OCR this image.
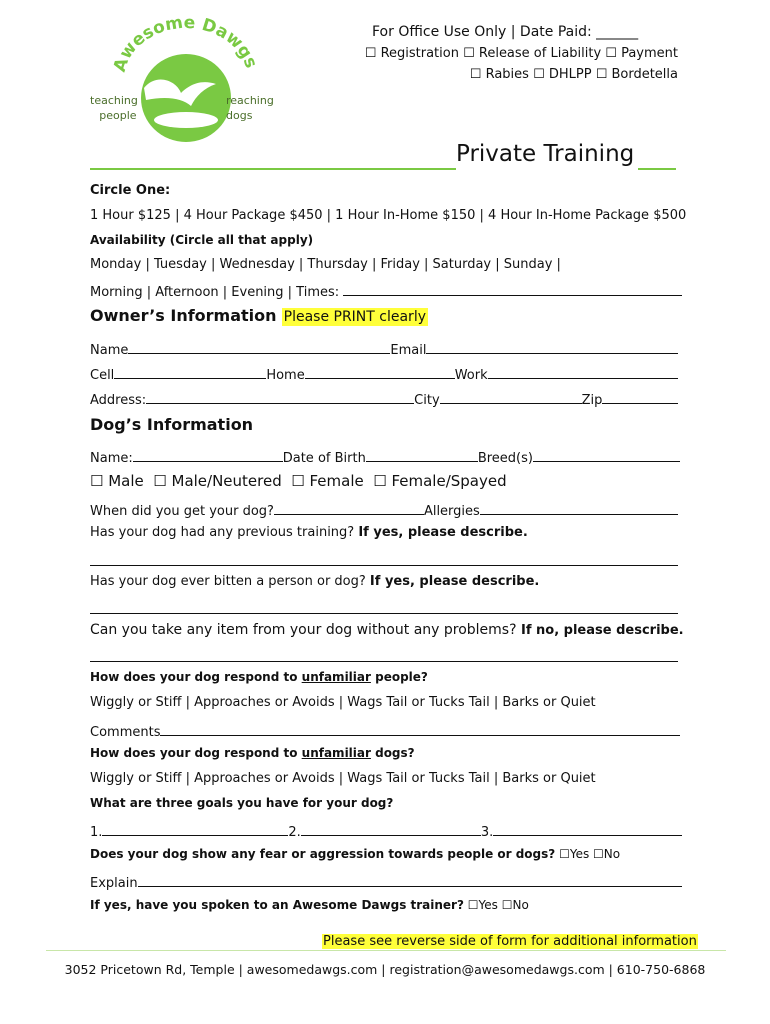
Awesome Dawgs
teaching
people
reaching
dogs
For Office Use Only | Date Paid: ______
☐ Registration ☐ Release of Liability ☐ Payment
☐ Rabies ☐ DHLPP ☐ Bordetella
Private Training
Circle One:
1 Hour $125 | 4 Hour Package $450 | 1 Hour In-Home $150 | 4 Hour In-Home Package $500
Availability (Circle all that apply)
Monday | Tuesday | Wednesday | Thursday | Friday | Saturday | Sunday |
Morning | Afternoon | Evening | Times:
Owner’s Information Please PRINT clearly
Name	Email
Cell	Home	Work
Address:	City	Zip
Dog’s Information
Name:	Date of Birth	Breed(s)
☐ Male  ☐ Male/Neutered  ☐ Female  ☐ Female/Spayed
When did you get your dog?	Allergies
Has your dog had any previous training? If yes, please describe.
Has your dog ever bitten a person or dog? If yes, please describe.
Can you take any item from your dog without any problems? If no, please describe.
How does your dog respond to unfamiliar people?
Wiggly or Stiff | Approaches or Avoids | Wags Tail or Tucks Tail | Barks or Quiet
Comments
How does your dog respond to unfamiliar dogs?
Wiggly or Stiff | Approaches or Avoids | Wags Tail or Tucks Tail | Barks or Quiet
What are three goals you have for your dog?
1.	2.	3.
Does your dog show any fear or aggression towards people or dogs? ☐Yes ☐No
Explain
If yes, have you spoken to an Awesome Dawgs trainer? ☐Yes ☐No
Please see reverse side of form for additional information
3052 Pricetown Rd, Temple | awesomedawgs.com | registration@awesomedawgs.com | 610-750-6868
